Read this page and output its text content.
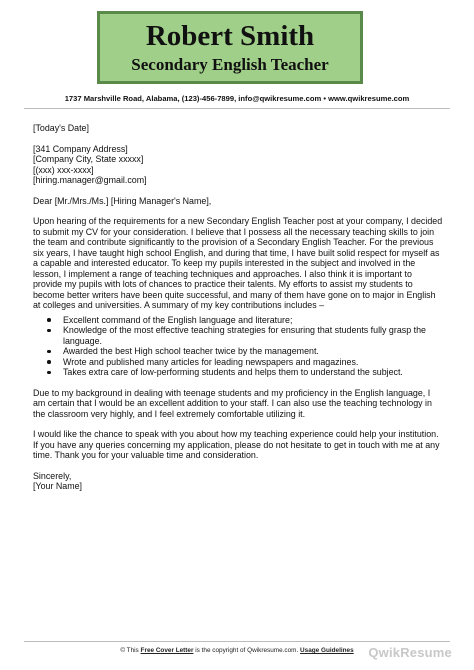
Robert Smith
Secondary English Teacher
1737 Marshville Road, Alabama, (123)-456-7899, info@qwikresume.com • www.qwikresume.com

[Today's Date]

[341 Company Address]

[Company City, State xxxxx]

[(xxx) xxx-xxxx]

[hiring.manager@gmail.com]

Dear [Mr./Mrs./Ms.] [Hiring Manager's Name],

Upon hearing of the requirements for a new Secondary English Teacher post at your company, I decided to submit my CV for your consideration. I believe that I possess all the necessary teaching skills to join the team and contribute significantly to the provision of a Secondary English Teacher. For the previous six years, I have taught high school English, and during that time, I have built solid respect for myself as a capable and interested educator. To keep my pupils interested in the subject and involved in the lesson, I implement a range of teaching techniques and approaches. I also think it is important to provide my pupils with lots of chances to practice their talents. My efforts to assist my students to become better writers have been quite successful, and many of them have gone on to major in English at colleges and universities. A summary of my key contributions includes –

Excellent command of the English language and literature;
Knowledge of the most effective teaching strategies for ensuring that students fully grasp the language.
Awarded the best High school teacher twice by the management.
Wrote and published many articles for leading newspapers and magazines.
Takes extra care of low-performing students and helps them to understand the subject.

Due to my background in dealing with teenage students and my proficiency in the English language, I am certain that I would be an excellent addition to your staff. I can also use the teaching technology in the classroom very highly, and I feel extremely comfortable utilizing it.

I would like the chance to speak with you about how my teaching experience could help your institution. If you have any queries concerning my application, please do not hesitate to get in touch with me at any time. Thank you for your valuable time and consideration.

Sincerely,

[Your Name]

© This Free Cover Letter is the copyright of Qwikresume.com. Usage Guidelines	QwikResume
